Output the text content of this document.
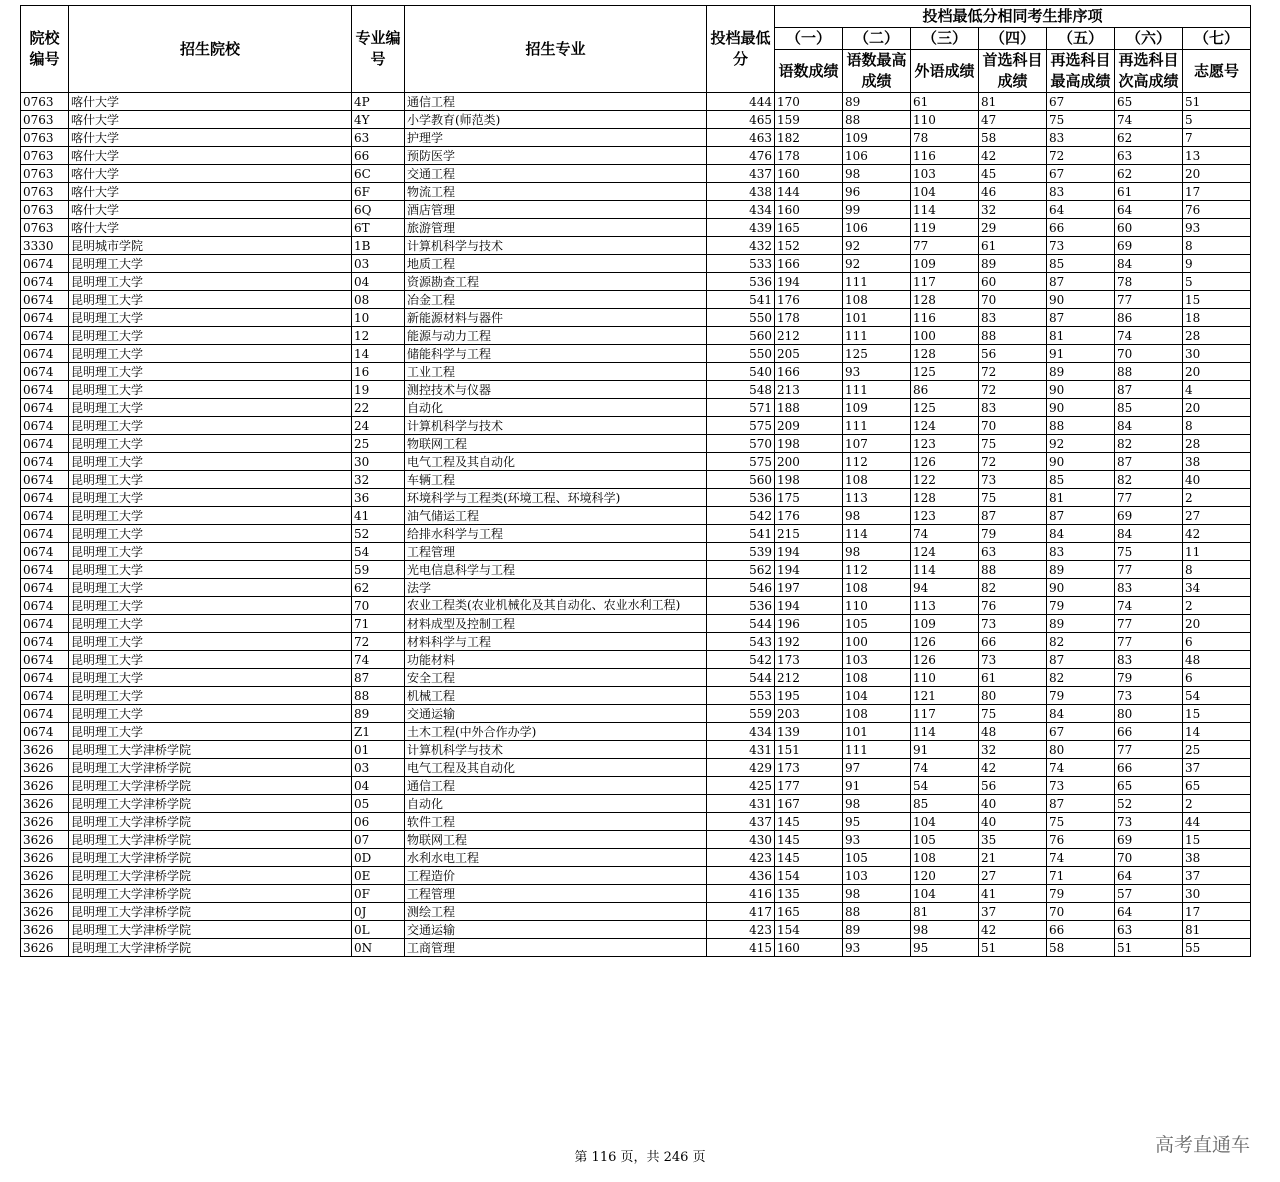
院校编号	招生院校	专业编号	招生专业	投档最低分	投档最低分相同考生排序项						
					（一）	（二）	（三）	（四）	（五）	（六）	（七）
					语数成绩	语数最高成绩	外语成绩	首选科目成绩	再选科目最高成绩	再选科目次高成绩	志愿号
0763	喀什大学	4P	通信工程	444	170	89	61	81	67	65	51
0763	喀什大学	4Y	小学教育(师范类)	465	159	88	110	47	75	74	5
0763	喀什大学	63	护理学	463	182	109	78	58	83	62	7
0763	喀什大学	66	预防医学	476	178	106	116	42	72	63	13
0763	喀什大学	6C	交通工程	437	160	98	103	45	67	62	20
0763	喀什大学	6F	物流工程	438	144	96	104	46	83	61	17
0763	喀什大学	6Q	酒店管理	434	160	99	114	32	64	64	76
0763	喀什大学	6T	旅游管理	439	165	106	119	29	66	60	93
3330	昆明城市学院	1B	计算机科学与技术	432	152	92	77	61	73	69	8
0674	昆明理工大学	03	地质工程	533	166	92	109	89	85	84	9
0674	昆明理工大学	04	资源勘查工程	536	194	111	117	60	87	78	5
0674	昆明理工大学	08	冶金工程	541	176	108	128	70	90	77	15
0674	昆明理工大学	10	新能源材料与器件	550	178	101	116	83	87	86	18
0674	昆明理工大学	12	能源与动力工程	560	212	111	100	88	81	74	28
0674	昆明理工大学	14	储能科学与工程	550	205	125	128	56	91	70	30
0674	昆明理工大学	16	工业工程	540	166	93	125	72	89	88	20
0674	昆明理工大学	19	测控技术与仪器	548	213	111	86	72	90	87	4
0674	昆明理工大学	22	自动化	571	188	109	125	83	90	85	20
0674	昆明理工大学	24	计算机科学与技术	575	209	111	124	70	88	84	8
0674	昆明理工大学	25	物联网工程	570	198	107	123	75	92	82	28
0674	昆明理工大学	30	电气工程及其自动化	575	200	112	126	72	90	87	38
0674	昆明理工大学	32	车辆工程	560	198	108	122	73	85	82	40
0674	昆明理工大学	36	环境科学与工程类(环境工程、环境科学)	536	175	113	128	75	81	77	2
0674	昆明理工大学	41	油气储运工程	542	176	98	123	87	87	69	27
0674	昆明理工大学	52	给排水科学与工程	541	215	114	74	79	84	84	42
0674	昆明理工大学	54	工程管理	539	194	98	124	63	83	75	11
0674	昆明理工大学	59	光电信息科学与工程	562	194	112	114	88	89	77	8
0674	昆明理工大学	62	法学	546	197	108	94	82	90	83	34
0674	昆明理工大学	70	农业工程类(农业机械化及其自动化、农业水利工程)	536	194	110	113	76	79	74	2
0674	昆明理工大学	71	材料成型及控制工程	544	196	105	109	73	89	77	20
0674	昆明理工大学	72	材料科学与工程	543	192	100	126	66	82	77	6
0674	昆明理工大学	74	功能材料	542	173	103	126	73	87	83	48
0674	昆明理工大学	87	安全工程	544	212	108	110	61	82	79	6
0674	昆明理工大学	88	机械工程	553	195	104	121	80	79	73	54
0674	昆明理工大学	89	交通运输	559	203	108	117	75	84	80	15
0674	昆明理工大学	Z1	土木工程(中外合作办学)	434	139	101	114	48	67	66	14
3626	昆明理工大学津桥学院	01	计算机科学与技术	431	151	111	91	32	80	77	25
3626	昆明理工大学津桥学院	03	电气工程及其自动化	429	173	97	74	42	74	66	37
3626	昆明理工大学津桥学院	04	通信工程	425	177	91	54	56	73	65	65
3626	昆明理工大学津桥学院	05	自动化	431	167	98	85	40	87	52	2
3626	昆明理工大学津桥学院	06	软件工程	437	145	95	104	40	75	73	44
3626	昆明理工大学津桥学院	07	物联网工程	430	145	93	105	35	76	69	15
3626	昆明理工大学津桥学院	0D	水利水电工程	423	145	105	108	21	74	70	38
3626	昆明理工大学津桥学院	0E	工程造价	436	154	103	120	27	71	64	37
3626	昆明理工大学津桥学院	0F	工程管理	416	135	98	104	41	79	57	30
3626	昆明理工大学津桥学院	0J	测绘工程	417	165	88	81	37	70	64	17
3626	昆明理工大学津桥学院	0L	交通运输	423	154	89	98	42	66	63	81
3626	昆明理工大学津桥学院	0N	工商管理	415	160	93	95	51	58	51	55
第 116 页，共 246 页
高考直通车
